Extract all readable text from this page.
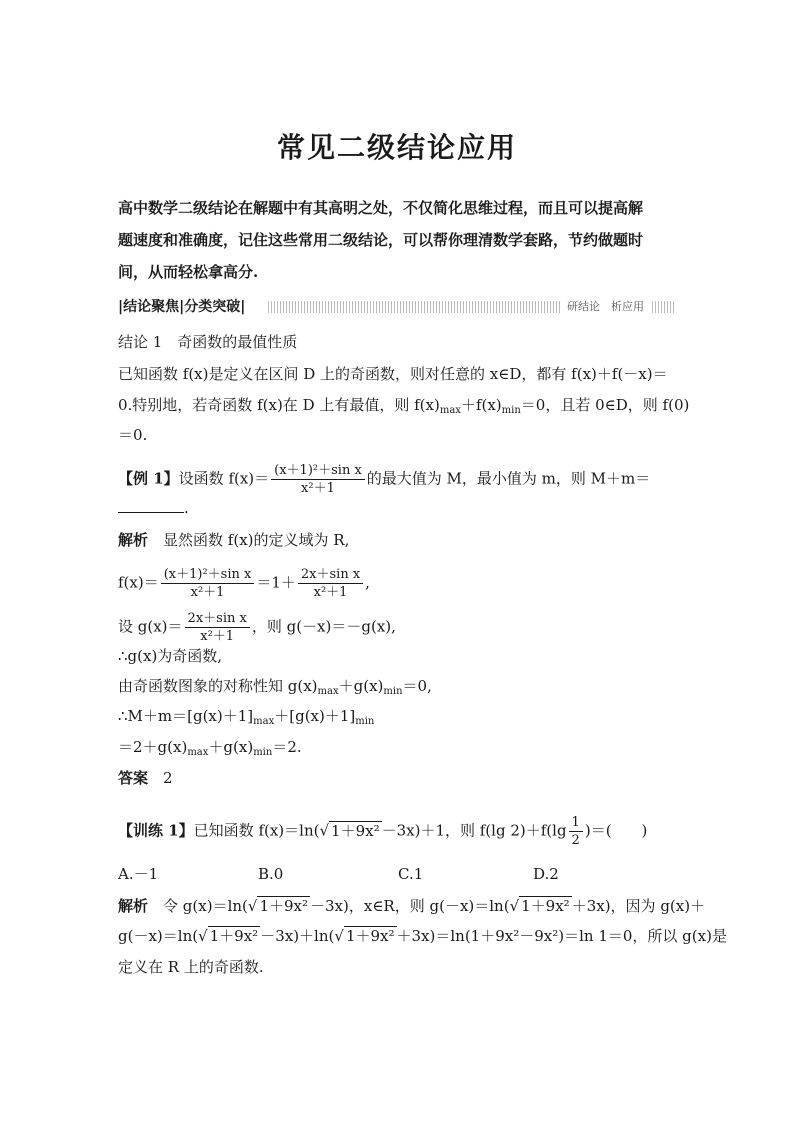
常见二级结论应用
高中数学二级结论在解题中有其高明之处，不仅简化思维过程，而且可以提高解
题速度和准确度，记住这些常用二级结论，可以帮你理清数学套路，节约做题时
间，从而轻松拿高分.
|结论聚焦|分类突破|	研结论　析应用
结论 1　奇函数的最值性质
已知函数 f(x)是定义在区间 D 上的奇函数，则对任意的 x∈D，都有 f(x)＋f(－x)＝
0.特别地，若奇函数 f(x)在 D 上有最值，则 $f(x)_{max}+f(x)_{min}=0$，且若 0∈D，则 f(0)
＝0.
【例 1】设函数 $f(x)= \frac{\text{(x＋1)²＋sin x}}{\text{x²＋1}}$ 的最大值为 M，最小值为 m，则 M＋m＝
.
解析　 显然函数 f(x)的定义域为 R,
$f(x)= \frac{\text{(x＋1)²＋sin x}}{\text{x²＋1}} =1+ \frac{\text{2x＋sin x}}{\text{x²＋1}}$ ,
设 $g(x)= \frac{\text{2x＋sin x}}{\text{x²＋1}}$ ，则 g(－x)＝－g(x),
∴g(x)为奇函数,
由奇函数图象的对称性知 $g(x)_{max}+g(x)_{min}=0$,
$\therefore M+m=[g(x)+1]_{max}+[g(x)+1]_{min}$
$=2+g(x)_{max}+g(x)_{min}=2$.
答案　 2
【训练 1】已知函数 f(x)＝ln(√ 1＋9x² －3x)＋1，则 f(lg $2)+f(\lg \frac{1}{2}$ )＝(　　)
A.－1	B.0	C.1	D.2
解析　 令 g(x)＝ln(√ 1＋9x² －3x)，x∈R，则 g(－x)＝ln(√ 1＋9x² ＋3x)，因为 g(x)＋
g(－x)＝ln(√ 1＋9x² －3x)＋ln(√ 1＋9x² ＋3x)＝ln(1＋9x²－9x²)＝ln 1＝0，所以 g(x)是
定义在 R 上的奇函数.
